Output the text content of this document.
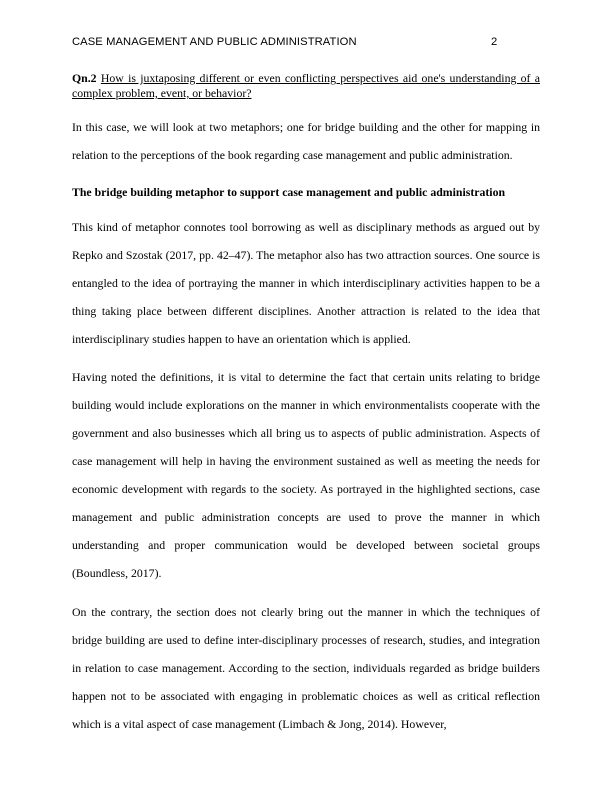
CASE MANAGEMENT AND PUBLIC ADMINISTRATION	2
Qn.2 How is juxtaposing different or even conflicting perspectives aid one's understanding of a complex problem, event, or behavior?

In this case, we will look at two metaphors; one for bridge building and the other for mapping in relation to the perceptions of the book regarding case management and public administration.

The bridge building metaphor to support case management and public administration

This kind of metaphor connotes tool borrowing as well as disciplinary methods as argued out by Repko and Szostak (2017, pp. 42–47). The metaphor also has two attraction sources. One source is entangled to the idea of portraying the manner in which interdisciplinary activities happen to be a thing taking place between different disciplines. Another attraction is related to the idea that interdisciplinary studies happen to have an orientation which is applied.

Having noted the definitions, it is vital to determine the fact that certain units relating to bridge building would include explorations on the manner in which environmentalists cooperate with the government and also businesses which all bring us to aspects of public administration. Aspects of case management will help in having the environment sustained as well as meeting the needs for economic development with regards to the society. As portrayed in the highlighted sections, case management and public administration concepts are used to prove the manner in which understanding and proper communication would be developed between societal groups (Boundless, 2017).

On the contrary, the section does not clearly bring out the manner in which the techniques of bridge building are used to define inter-disciplinary processes of research, studies, and integration in relation to case management. According to the section, individuals regarded as bridge builders happen not to be associated with engaging in problematic choices as well as critical reflection which is a vital aspect of case management (Limbach & Jong, 2014). However,
